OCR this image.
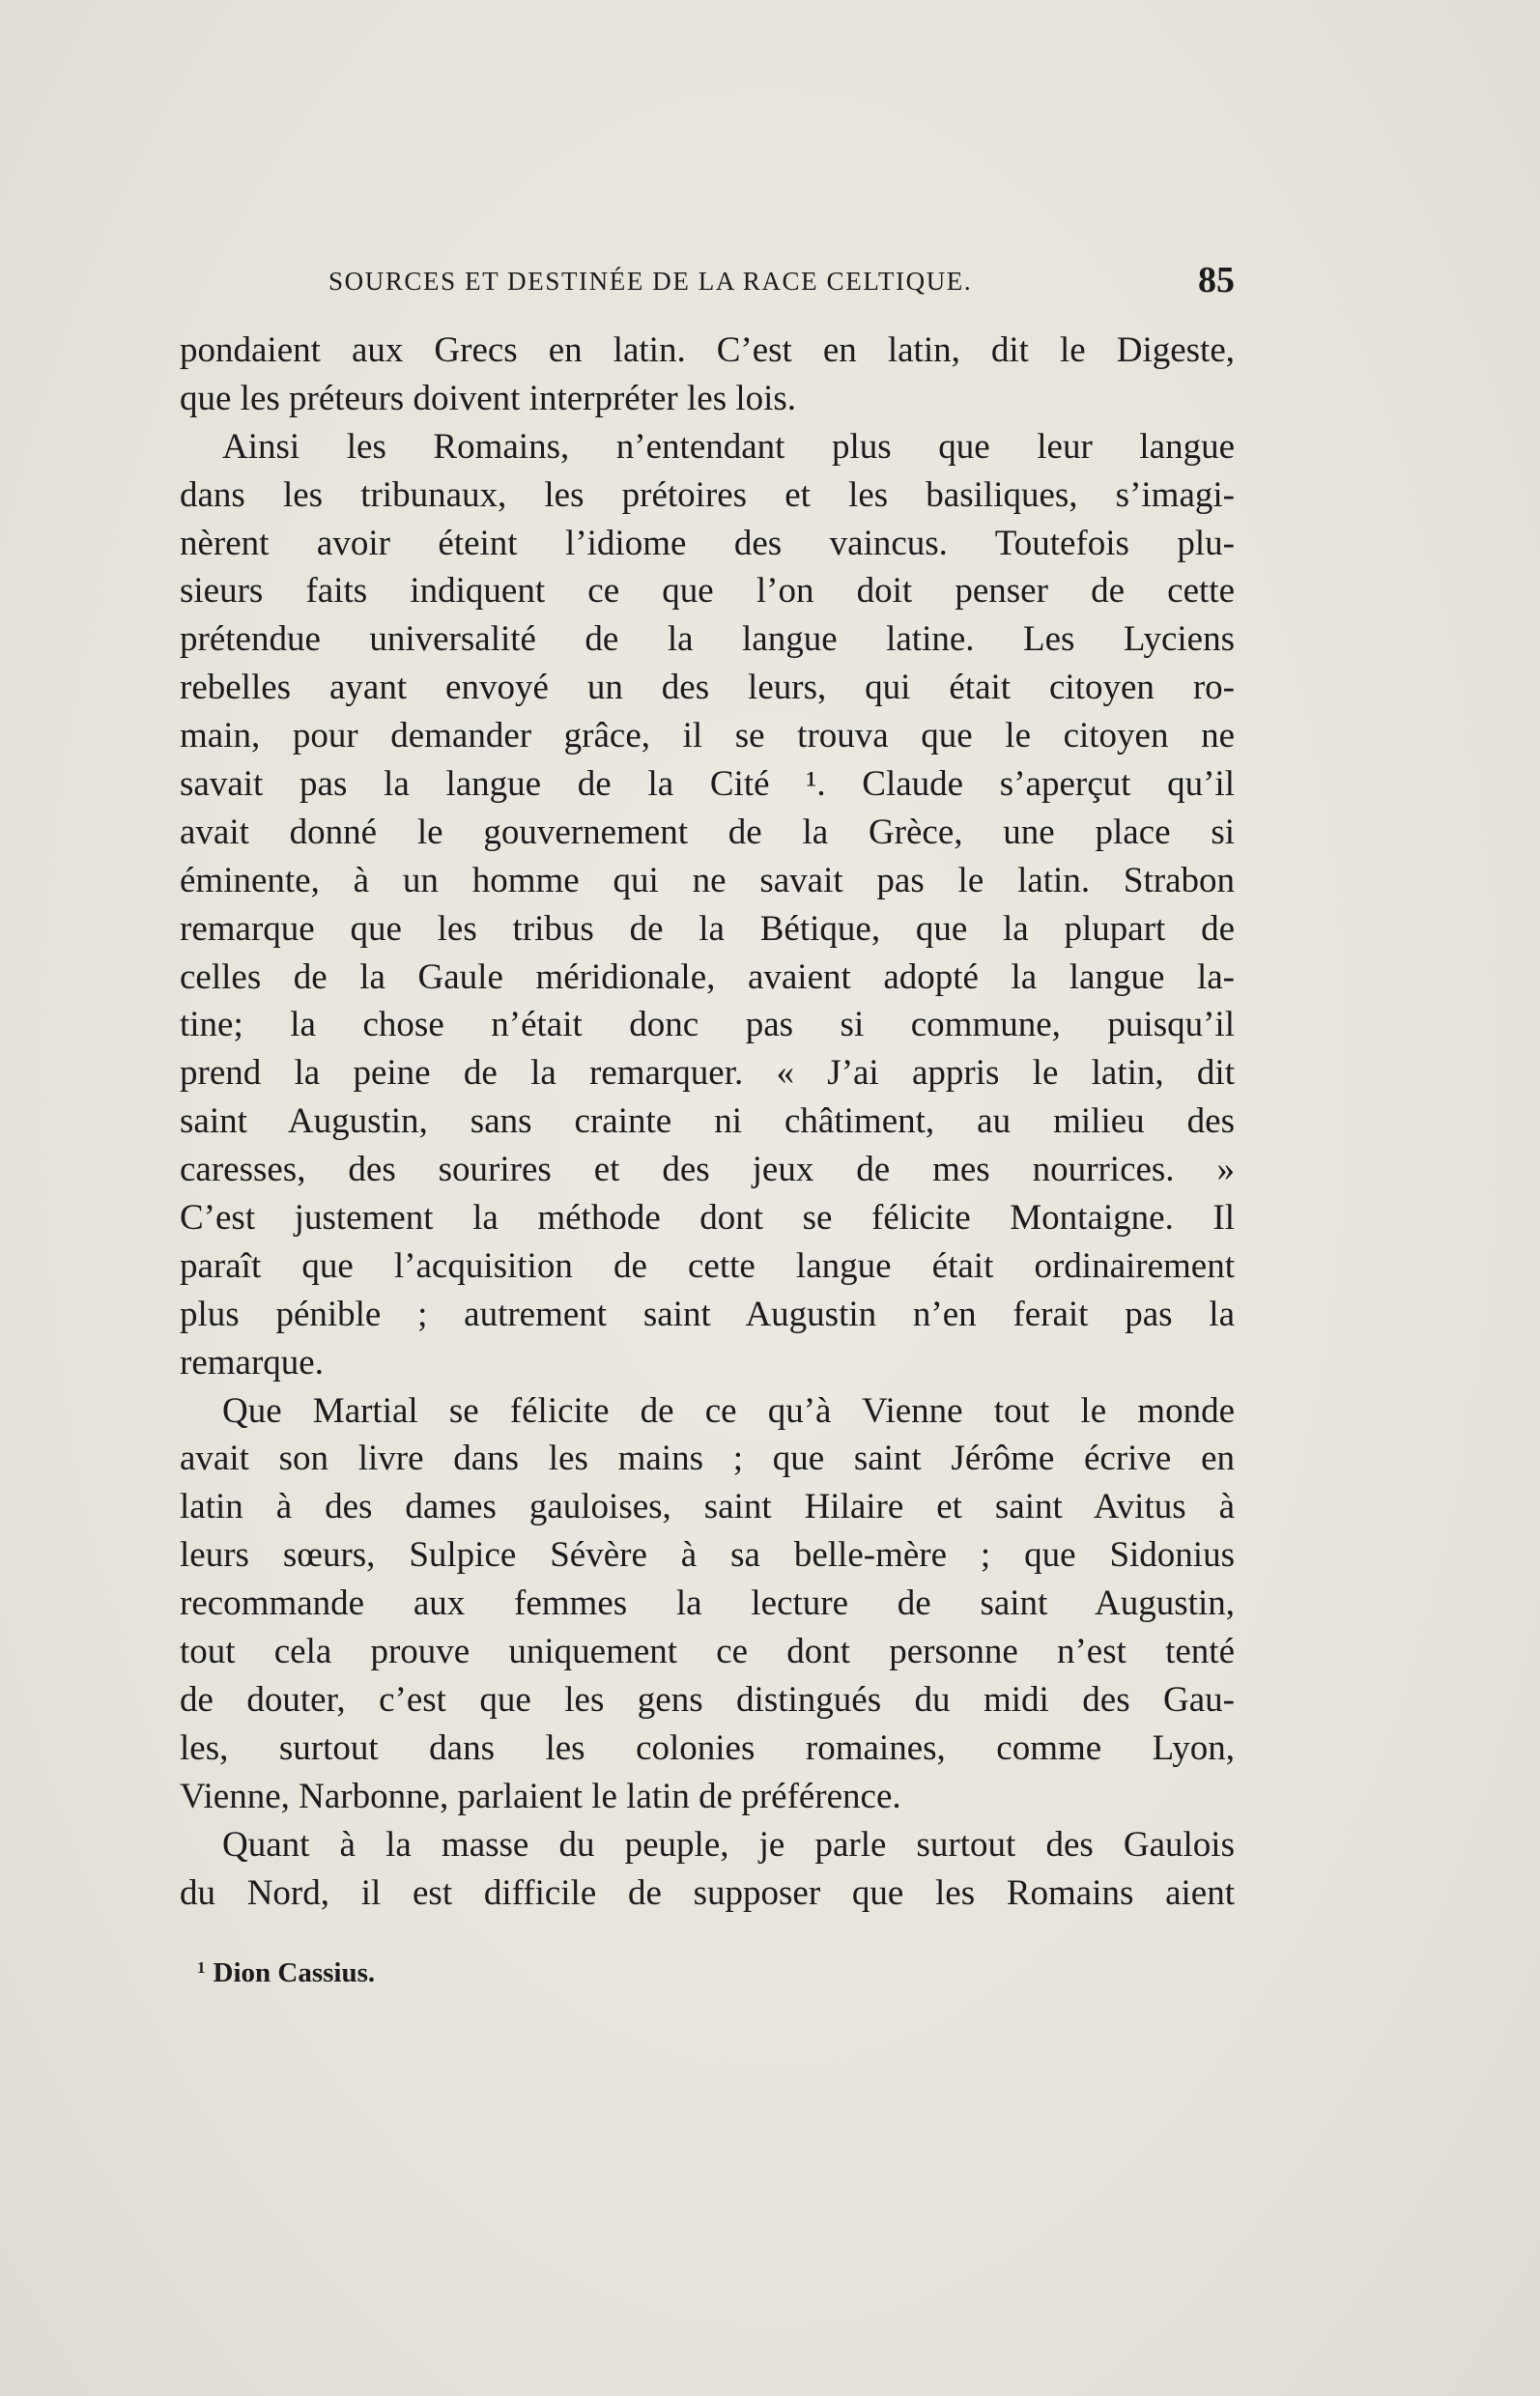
SOURCES ET DESTINÉE DE LA RACE CELTIQUE.	85
pondaient aux Grecs en latin. C’est en latin, dit le Digeste,
que les préteurs doivent interpréter les lois.
Ainsi les Romains, n’entendant plus que leur langue
dans les tribunaux, les prétoires et les basiliques, s’imagi-
nèrent avoir éteint l’idiome des vaincus. Toutefois plu-
sieurs faits indiquent ce que l’on doit penser de cette
prétendue universalité de la langue latine. Les Lyciens
rebelles ayant envoyé un des leurs, qui était citoyen ro-
main, pour demander grâce, il se trouva que le citoyen ne
savait pas la langue de la Cité ¹. Claude s’aperçut qu’il
avait donné le gouvernement de la Grèce, une place si
éminente, à un homme qui ne savait pas le latin. Strabon
remarque que les tribus de la Bétique, que la plupart de
celles de la Gaule méridionale, avaient adopté la langue la-
tine; la chose n’était donc pas si commune, puisqu’il
prend la peine de la remarquer. « J’ai appris le latin, dit
saint Augustin, sans crainte ni châtiment, au milieu des
caresses, des sourires et des jeux de mes nourrices. »
C’est justement la méthode dont se félicite Montaigne. Il
paraît que l’acquisition de cette langue était ordinairement
plus pénible ; autrement saint Augustin n’en ferait pas la
remarque.
Que Martial se félicite de ce qu’à Vienne tout le monde
avait son livre dans les mains ; que saint Jérôme écrive en
latin à des dames gauloises, saint Hilaire et saint Avitus à
leurs sœurs, Sulpice Sévère à sa belle-mère ; que Sidonius
recommande aux femmes la lecture de saint Augustin,
tout cela prouve uniquement ce dont personne n’est tenté
de douter, c’est que les gens distingués du midi des Gau-
les, surtout dans les colonies romaines, comme Lyon,
Vienne, Narbonne, parlaient le latin de préférence.
Quant à la masse du peuple, je parle surtout des Gaulois
du Nord, il est difficile de supposer que les Romains aient
$^1$ Dion Cassius.
